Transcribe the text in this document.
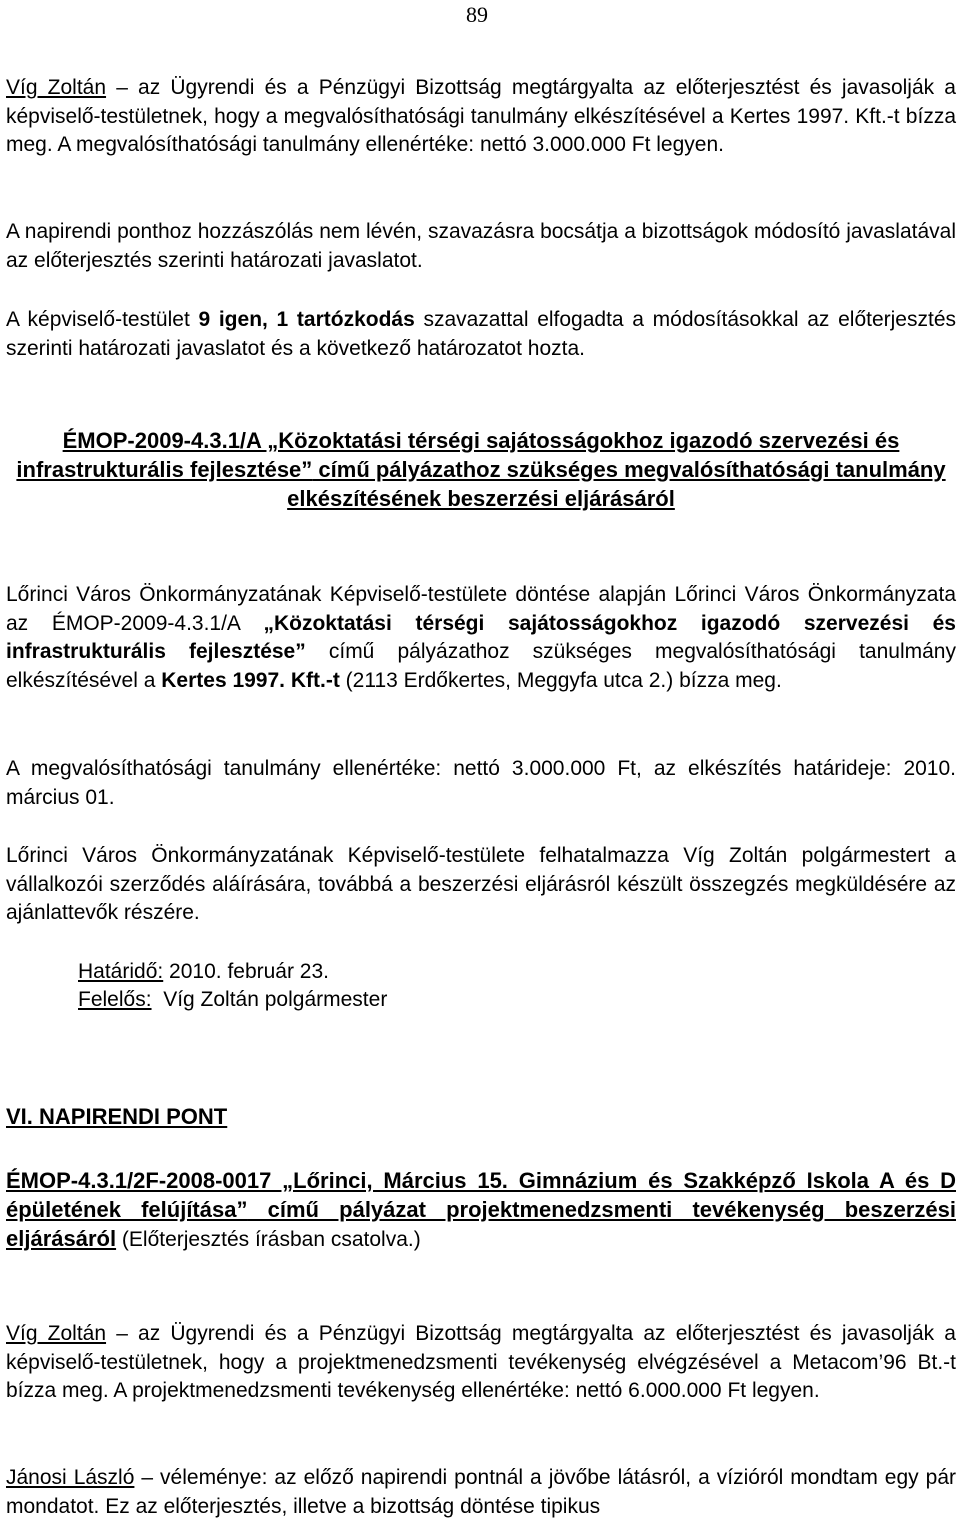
89

Víg Zoltán – az Ügyrendi és a Pénzügyi Bizottság megtárgyalta az előterjesztést és javasolják a képviselő-testületnek, hogy a megvalósíthatósági tanulmány elkészítésével a Kertes 1997. Kft.-t bízza meg. A megvalósíthatósági tanulmány ellenértéke: nettó 3.000.000 Ft legyen.

A napirendi ponthoz hozzászólás nem lévén, szavazásra bocsátja a bizottságok módosító javaslatával az előterjesztés szerinti határozati javaslatot.

A képviselő-testület 9 igen, 1 tartózkodás szavazattal elfogadta a módosításokkal az előterjesztés szerinti határozati javaslatot és a következő határozatot hozta.

ÉMOP-2009-4.3.1/A „Közoktatási térségi sajátosságokhoz igazodó szervezési és infrastrukturális fejlesztése” című pályázathoz szükséges megvalósíthatósági tanulmány elkészítésének beszerzési eljárásáról

Lőrinci Város Önkormányzatának Képviselő-testülete döntése alapján Lőrinci Város Önkormányzata az ÉMOP-2009-4.3.1/A „Közoktatási térségi sajátosságokhoz igazodó szervezési és infrastrukturális fejlesztése” című pályázathoz szükséges megvalósíthatósági tanulmány elkészítésével a Kertes 1997. Kft.-t (2113 Erdőkertes, Meggyfa utca 2.) bízza meg.

A megvalósíthatósági tanulmány ellenértéke: nettó 3.000.000 Ft, az elkészítés határideje: 2010. március 01.

Lőrinci Város Önkormányzatának Képviselő-testülete felhatalmazza Víg Zoltán polgármestert a vállalkozói szerződés aláírására, továbbá a beszerzési eljárásról készült összegzés megküldésére az ajánlattevők részére.

Határidő: 2010. február 23.
Felelős:  Víg Zoltán polgármester
VI. NAPIRENDI PONT
ÉMOP-4.3.1/2F-2008-0017 „Lőrinci, Március 15. Gimnázium és Szakképző Iskola A és D épületének felújítása” című pályázat projektmenedzsmenti tevékenység beszerzési eljárásáról (Előterjesztés írásban csatolva.)

Víg Zoltán – az Ügyrendi és a Pénzügyi Bizottság megtárgyalta az előterjesztést és javasolják a képviselő-testületnek, hogy a projektmenedzsmenti tevékenység elvégzésével a Metacom’96 Bt.-t bízza meg. A projektmenedzsmenti tevékenység ellenértéke: nettó 6.000.000 Ft legyen.

Jánosi László – véleménye: az előző napirendi pontnál a jövőbe látásról, a vízióról mondtam egy pár mondatot. Ez az előterjesztés, illetve a bizottság döntése tipikus
